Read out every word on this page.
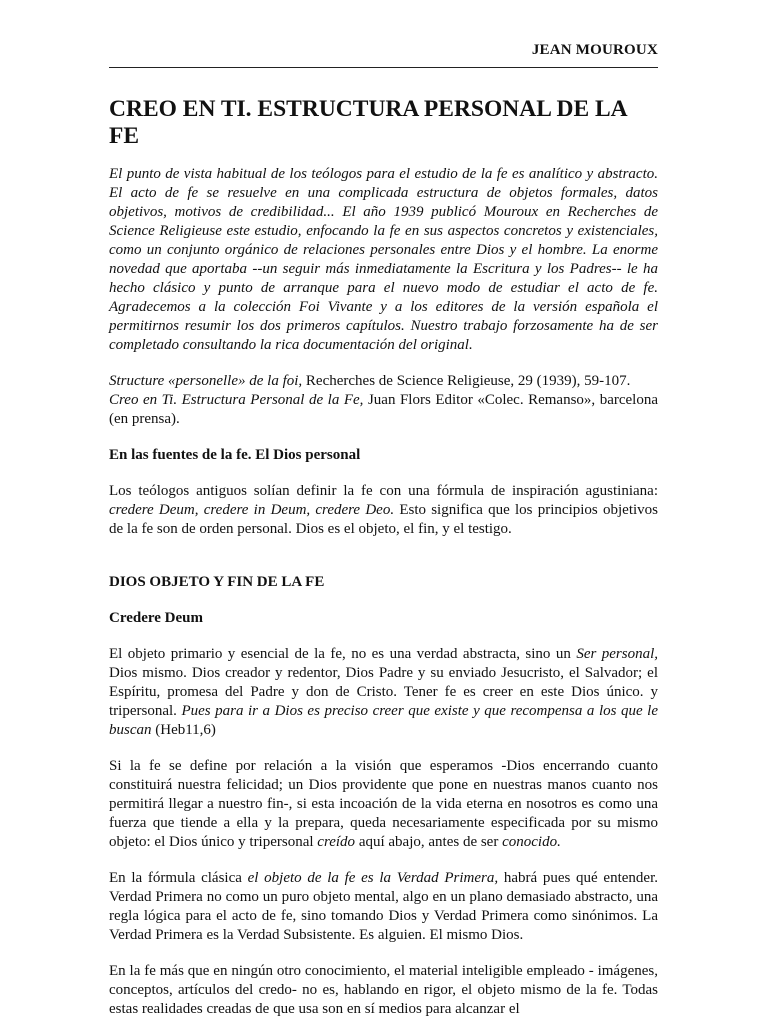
JEAN MOUROUX
CREO EN TI. ESTRUCTURA PERSONAL DE LA FE

El punto de vista habitual de los teólogos para el estudio de la fe es analítico y abstracto. El acto de fe se resuelve en una complicada estructura de objetos formales, datos objetivos, motivos de credibilidad... El año 1939 publicó Mouroux en Recherches de Science Religieuse este estudio, enfocando la fe en sus aspectos concretos y existenciales, como un conjunto orgánico de relaciones personales entre Dios y el hombre. La enorme novedad que aportaba --un seguir más inmediatamente la Escritura y los Padres-- le ha hecho clásico y punto de arranque para el nuevo modo de estudiar el acto de fe. Agradecemos a la colección Foi Vivante y a los editores de la versión española el permitirnos resumir los dos primeros capítulos. Nuestro trabajo forzosamente ha de ser completado consultando la rica documentación del original.

Structure «personelle» de la foi, Recherches de Science Religieuse, 29 (1939), 59-107.
Creo en Ti. Estructura Personal de la Fe, Juan Flors Editor «Colec. Remanso», barcelona (en prensa).

En las fuentes de la fe. El Dios personal

Los teólogos antiguos solían definir la fe con una fórmula de inspiración agustiniana: credere Deum, credere in Deum, credere Deo. Esto significa que los principios objetivos de la fe son de orden personal. Dios es el objeto, el fin, y el testigo.

DIOS OBJETO Y FIN DE LA FE

Credere Deum

El objeto primario y esencial de la fe, no es una verdad abstracta, sino un Ser personal, Dios mismo. Dios creador y redentor, Dios Padre y su enviado Jesucristo, el Salvador; el Espíritu, promesa del Padre y don de Cristo. Tener fe es creer en este Dios único. y tripersonal. Pues para ir a Dios es preciso creer que existe y que recompensa a los que le buscan (Heb11,6)

Si la fe se define por relación a la visión que esperamos -Dios encerrando cuanto constituirá nuestra felicidad; un Dios providente que pone en nuestras manos cuanto nos permitirá llegar a nuestro fin-, si esta incoación de la vida eterna en nosotros es como una fuerza que tiende a ella y la prepara, queda necesariamente especificada por su mismo objeto: el Dios único y tripersonal creído aquí abajo, antes de ser conocido.

En la fórmula clásica el objeto de la fe es la Verdad Primera, habrá pues qué entender. Verdad Primera no como un puro objeto mental, algo en un plano demasiado abstracto, una regla lógica para el acto de fe, sino tomando Dios y Verdad Primera como sinónimos. La Verdad Primera es la Verdad Subsistente. Es alguien. El mismo Dios.

En la fe más que en ningún otro conocimiento, el material inteligible empleado - imágenes, conceptos, artículos del credo- no es, hablando en rigor, el objeto mismo de la fe. Todas estas realidades creadas de que usa son en sí medios para alcanzar el
